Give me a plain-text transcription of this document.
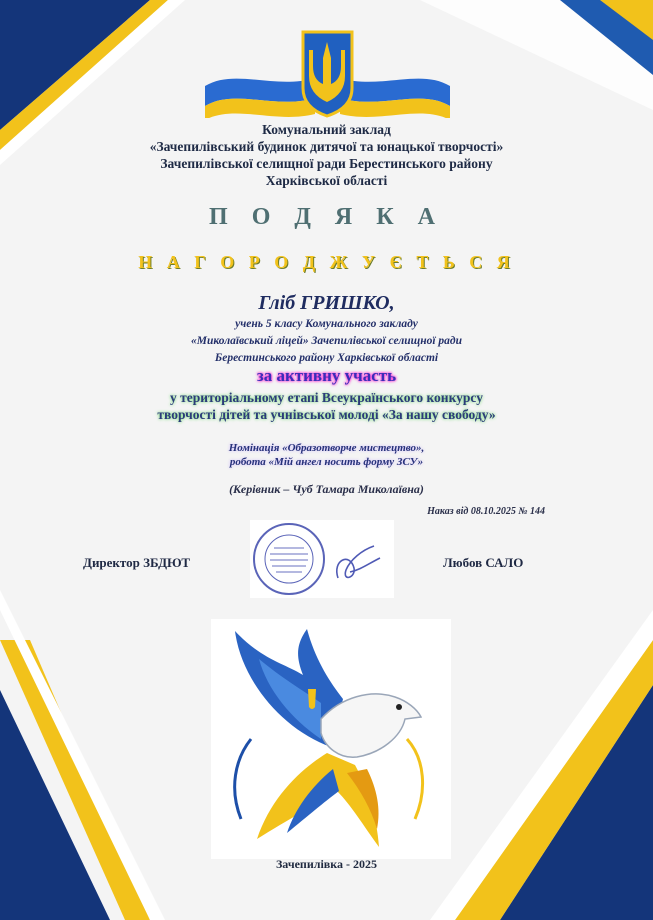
Комунальний заклад
«Зачепилівський будинок дитячої та юнацької творчості»
Зачепилівської селищної ради Берестинського району
Харківської області
П О Д Я К А
Н А Г О Р О Д Ж У Є Т Ь С Я
Гліб ГРИШКО,
учень 5 класу Комунального закладу
«Миколаївський ліцей» Зачепилівської селищної ради
Берестинського району Харківської області
за активну участь
у територіальному етапі Всеукраїнського конкурсу
творчості дітей та учнівської молоді «За нашу свободу»
Номінація «Образотворче мистецтво»,
робота «Мій ангел носить форму ЗСУ»
(Керівник – Чуб Тамара Миколаївна)
Наказ від 08.10.2025 № 144
Директор ЗБДЮТ	Любов САЛО
Зачепилівка - 2025
